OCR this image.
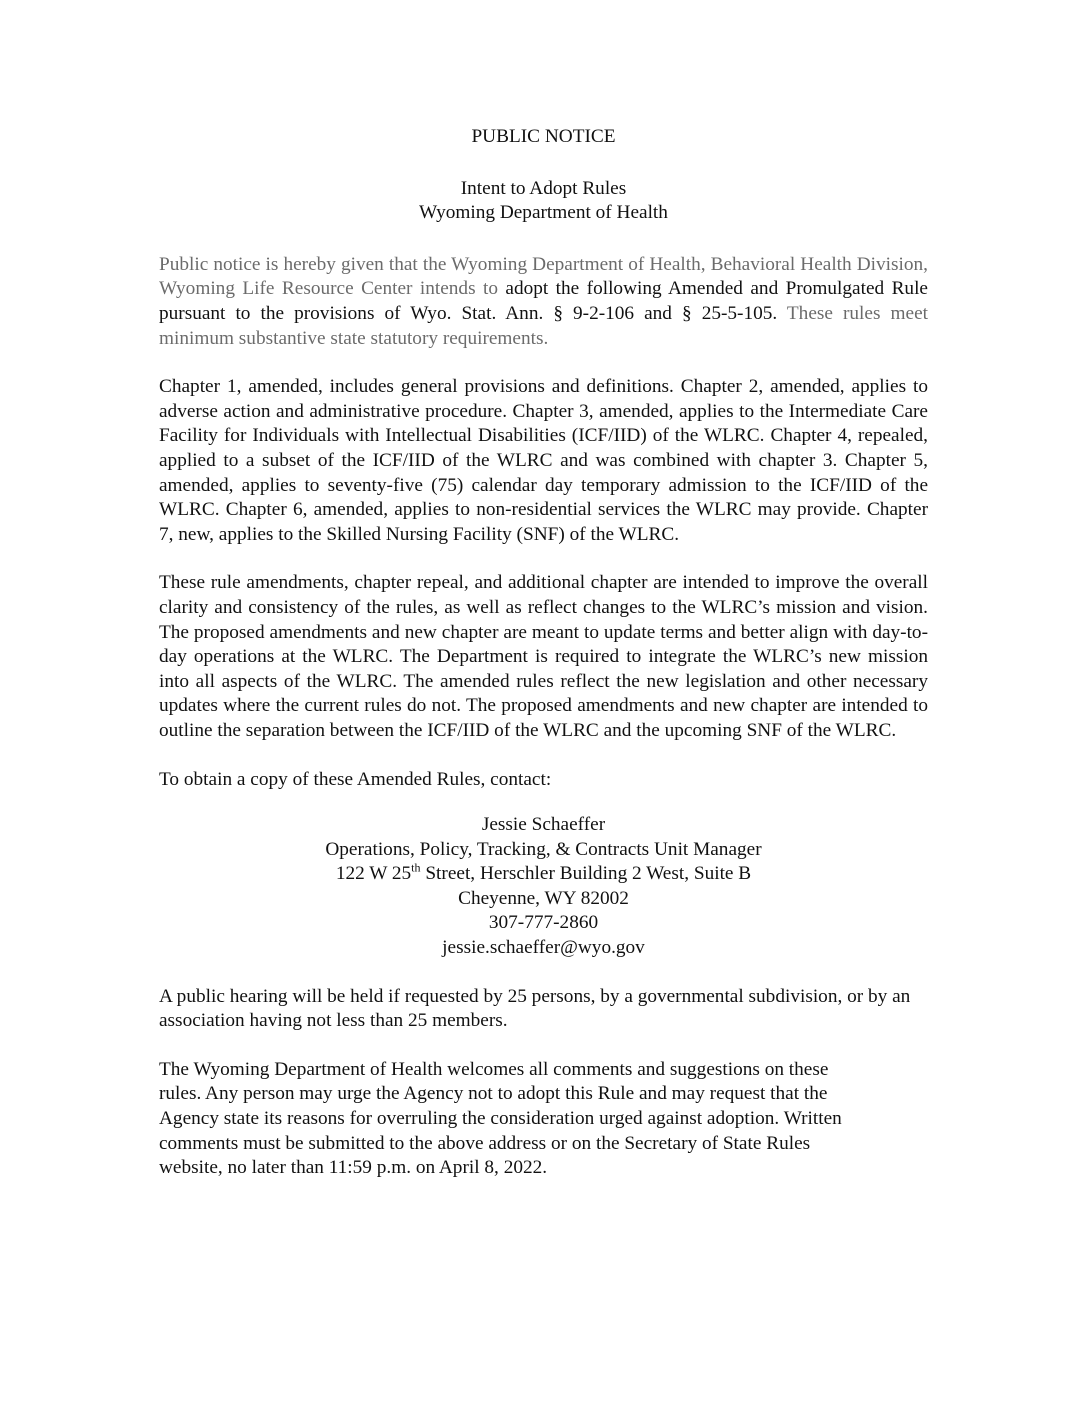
PUBLIC NOTICE
Intent to Adopt Rules
Wyoming Department of Health

Public notice is hereby given that the Wyoming Department of Health, Behavioral Health Division, Wyoming Life Resource Center intends to adopt the following Amended and Promulgated Rule pursuant to the provisions of Wyo. Stat. Ann. § 9-2-106 and § 25-5-105. These rules meet minimum substantive state statutory requirements.

Chapter 1, amended, includes general provisions and definitions. Chapter 2, amended, applies to adverse action and administrative procedure. Chapter 3, amended, applies to the Intermediate Care Facility for Individuals with Intellectual Disabilities (ICF/IID) of the WLRC. Chapter 4, repealed, applied to a subset of the ICF/IID of the WLRC and was combined with chapter 3. Chapter 5, amended, applies to seventy-five (75) calendar day temporary admission to the ICF/IID of the WLRC. Chapter 6, amended, applies to non-residential services the WLRC may provide. Chapter 7, new, applies to the Skilled Nursing Facility (SNF) of the WLRC.

These rule amendments, chapter repeal, and additional chapter are intended to improve the overall clarity and consistency of the rules, as well as reflect changes to the WLRC’s mission and vision. The proposed amendments and new chapter are meant to update terms and better align with day-to-day operations at the WLRC. The Department is required to integrate the WLRC’s new mission into all aspects of the WLRC. The amended rules reflect the new legislation and other necessary updates where the current rules do not. The proposed amendments and new chapter are intended to outline the separation between the ICF/IID of the WLRC and the upcoming SNF of the WLRC.

To obtain a copy of these Amended Rules, contact:

Jessie Schaeffer
Operations, Policy, Tracking, & Contracts Unit Manager
122 W 25th Street, Herschler Building 2 West, Suite B
Cheyenne, WY 82002
307-777-2860
jessie.schaeffer@wyo.gov

A public hearing will be held if requested by 25 persons, by a governmental subdivision, or by an association having not less than 25 members.

The Wyoming Department of Health welcomes all comments and suggestions on these
rules. Any person may urge the Agency not to adopt this Rule and may request that the
Agency state its reasons for overruling the consideration urged against adoption. Written
comments must be submitted to the above address or on the Secretary of State Rules
website, no later than 11:59 p.m. on April 8, 2022.
